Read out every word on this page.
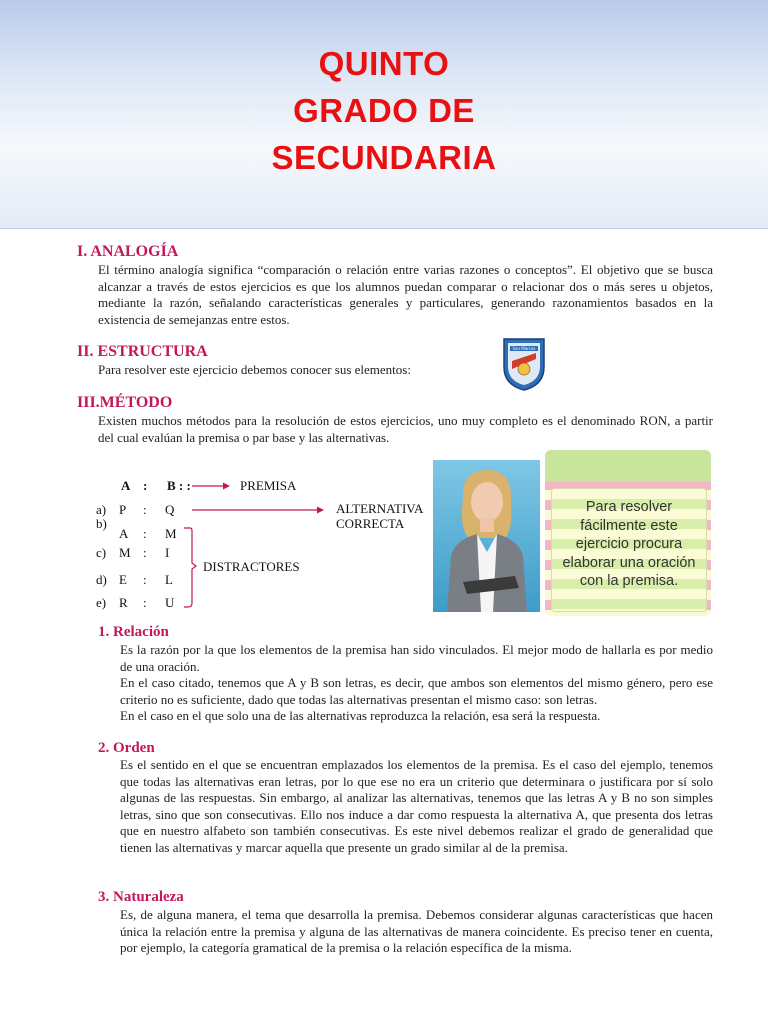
QUINTO
GRADO DE
SECUNDARIA
I. ANALOGÍA
El término analogía significa “comparación o relación entre varias razones o conceptos”. El objetivo que se busca alcanzar a través de estos ejercicios es que los alumnos puedan comparar o relacionar dos o más seres u objetos, mediante la razón, señalando características generales y particulares, generando razonamientos basados en la existencia de semejanzas entre estos.
II. ESTRUCTURA
Para resolver este ejercicio debemos conocer sus elementos:
San Marcos
III.MÉTODO
Existen muchos métodos para la resolución de estos ejercicios, uno muy completo es el denominado RON, a partir del cual evalúan la premisa o par base y las alternativas.
A : B : :	PREMISA
a) P : Q
b)
A : M
c) M : I
d) E : L
e) R : U
ALTERNATIVA
CORRECTA
DISTRACTORES
Para resolver fácilmente este ejercicio procura elaborar una oración con la premisa.
1. Relación

Es la razón por la que los elementos de la premisa han sido vinculados. El mejor modo de hallarla es por medio de una oración.

En el caso citado, tenemos que A y B son letras, es decir, que ambos son elementos del mismo género, pero ese criterio no es suficiente, dado que todas las alternativas presentan el mismo caso: son letras.

En el caso en el que solo una de las alternativas reproduzca la relación, esa será la respuesta.

2. Orden
Es el sentido en el que se encuentran emplazados los elementos de la premisa. Es el caso del ejemplo, tenemos que todas las alternativas eran letras, por lo que ese no era un criterio que determinara o justificara por sí solo algunas de las respuestas. Sin embargo, al analizar las alternativas, tenemos que las letras A y B no son simples letras, sino que son consecutivas. Ello nos induce a dar como respuesta la alternativa A, que presenta dos letras que en nuestro alfabeto son también consecutivas. Es este nivel debemos realizar el grado de generalidad que tienen las alternativas y marcar aquella que presente un grado similar al de la premisa.
3. Naturaleza
Es, de alguna manera, el tema que desarrolla la premisa. Debemos considerar algunas características que hacen única la relación entre la premisa y alguna de las alternativas de manera coincidente. Es preciso tener en cuenta, por ejemplo, la categoría gramatical de la premisa o la relación específica de la misma.
